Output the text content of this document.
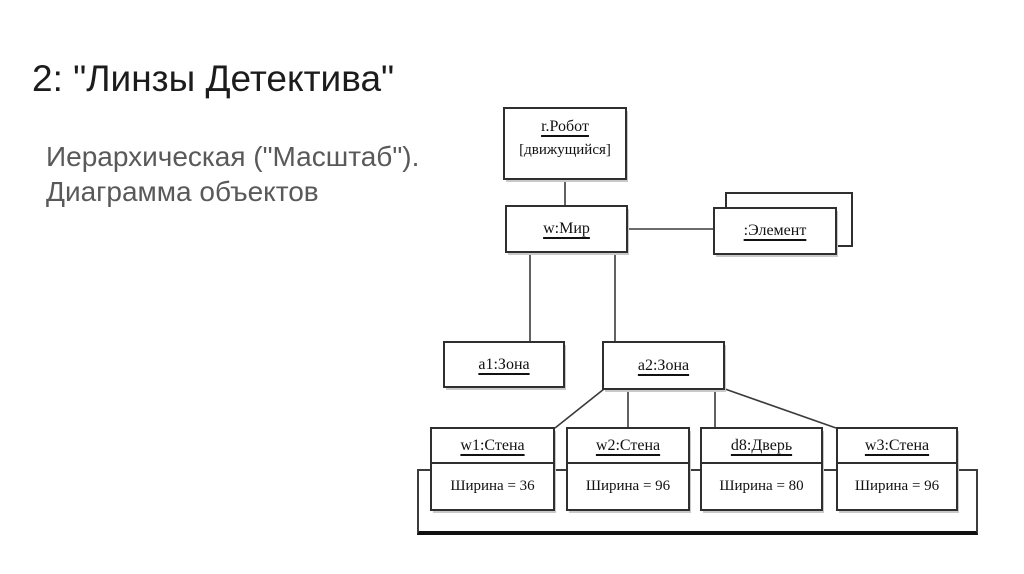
2: "Линзы Детектива"
Иерархическая ("Масштаб").
Диаграмма объектов
r.Робот
[движущийся]
:Элемент
w:Мир
a1:Зона	a2:Зона
w1:Стена
Ширина = 36
w2:Стена
Ширина = 96
d8:Дверь
Ширина = 80
w3:Стена
Ширина = 96
